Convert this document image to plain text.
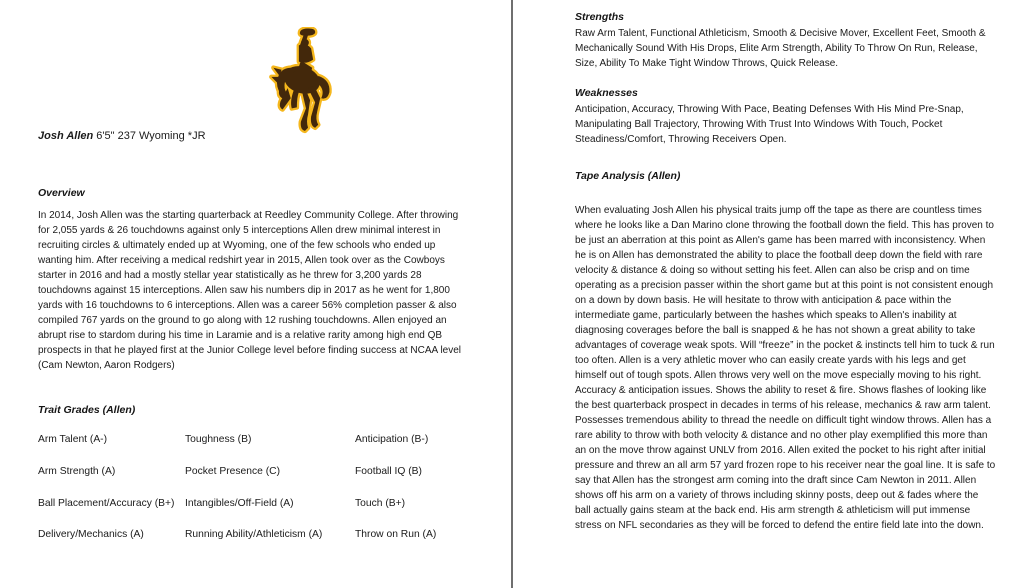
Josh Allen 6'5" 237 Wyoming *JR
Overview
In 2014, Josh Allen was the starting quarterback at Reedley Community College. After throwing for 2,055 yards & 26 touchdowns against only 5 interceptions Allen drew minimal interest in recruiting circles & ultimately ended up at Wyoming, one of the few schools who ended up wanting him. After receiving a medical redshirt year in 2015, Allen took over as the Cowboys starter in 2016 and had a mostly stellar year statistically as he threw for 3,200 yards 28 touchdowns against 15 interceptions. Allen saw his numbers dip in 2017 as he went for 1,800 yards with 16 touchdowns to 6 interceptions. Allen was a career 56% completion passer & also compiled 767 yards on the ground to go along with 12 rushing touchdowns. Allen enjoyed an abrupt rise to stardom during his time in Laramie and is a relative rarity among high end QB prospects in that he played first at the Junior College level before finding success at NCAA level (Cam Newton, Aaron Rodgers)
Trait Grades (Allen)
Arm Talent (A-)	Toughness (B)	Anticipation (B-)
Arm Strength (A)	Pocket Presence (C)	Football IQ (B)
Ball Placement/Accuracy (B+)	Intangibles/Off-Field (A)	Touch (B+)
Delivery/Mechanics (A)	Running Ability/Athleticism (A)	Throw on Run (A)
Strengths
Raw Arm Talent, Functional Athleticism, Smooth & Decisive Mover, Excellent Feet, Smooth & Mechanically Sound With His Drops, Elite Arm Strength, Ability To Throw On Run, Release, Size, Ability To Make Tight Window Throws, Quick Release.
Weaknesses
Anticipation, Accuracy, Throwing With Pace, Beating Defenses With His Mind Pre-Snap, Manipulating Ball Trajectory, Throwing With Trust Into Windows With Touch, Pocket Steadiness/Comfort, Throwing Receivers Open.
Tape Analysis (Allen)
When evaluating Josh Allen his physical traits jump off the tape as there are countless times where he looks like a Dan Marino clone throwing the football down the field. This has proven to be just an aberration at this point as Allen's game has been marred with inconsistency. When he is on Allen has demonstrated the ability to place the football deep down the field with rare velocity & distance & doing so without setting his feet. Allen can also be crisp and on time operating as a precision passer within the short game but at this point is not consistent enough on a down by down basis. He will hesitate to throw with anticipation & pace within the intermediate game, particularly between the hashes which speaks to Allen's inability at diagnosing coverages before the ball is snapped & he has not shown a great ability to take advantages of coverage weak spots. Will “freeze” in the pocket & instincts tell him to tuck & run too often. Allen is a very athletic mover who can easily create yards with his legs and get himself out of tough spots. Allen throws very well on the move especially moving to his right. Accuracy & anticipation issues. Shows the ability to reset & fire. Shows flashes of looking like the best quarterback prospect in decades in terms of his release, mechanics & raw arm talent. Possesses tremendous ability to thread the needle on difficult tight window throws. Allen has a rare ability to throw with both velocity & distance and no other play exemplified this more than an on the move throw against UNLV from 2016. Allen exited the pocket to his right after initial pressure and threw an all arm 57 yard frozen rope to his receiver near the goal line. It is safe to say that Allen has the strongest arm coming into the draft since Cam Newton in 2011. Allen shows off his arm on a variety of throws including skinny posts, deep out & fades where the ball actually gains steam at the back end. His arm strength & athleticism will put immense stress on NFL secondaries as they will be forced to defend the entire field late into the down.
